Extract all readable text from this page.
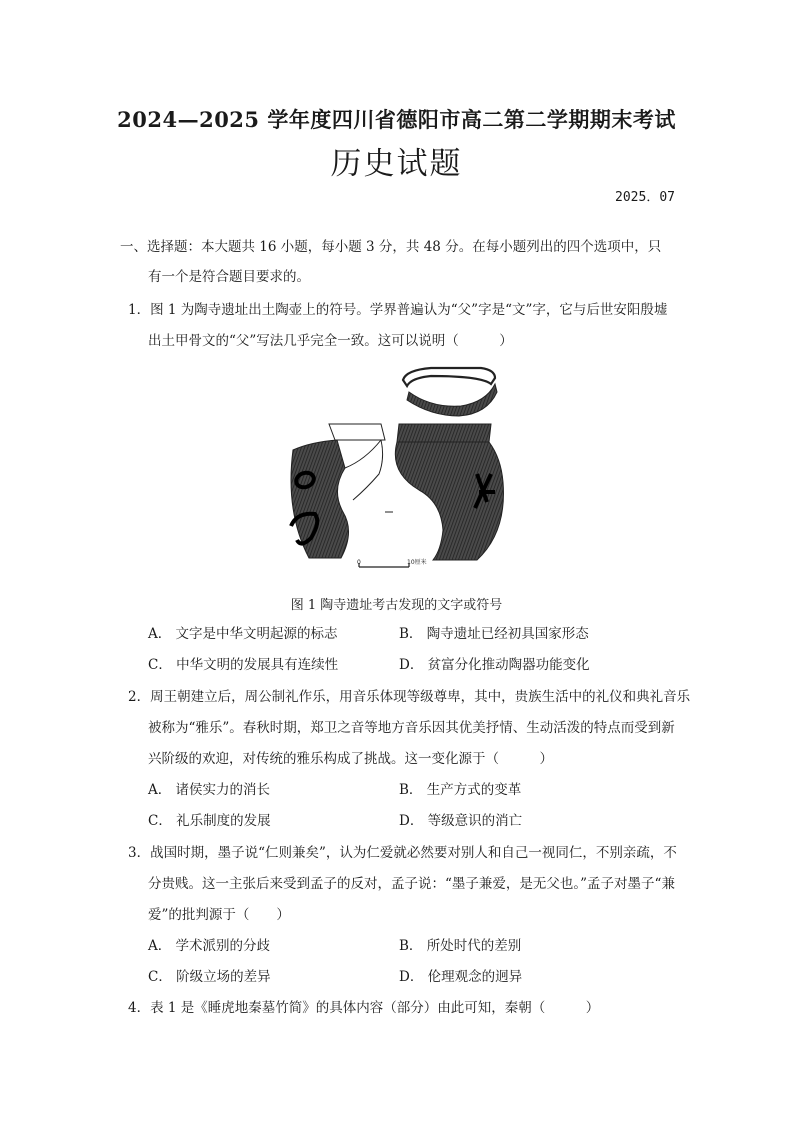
2024—2025 学年度四川省德阳市高二第二学期期末考试
历史试题
2025．07
一、选择题：本大题共 16 小题，每小题 3 分，共 48 分。在每小题列出的四个选项中，只
有一个是符合题目要求的。
1．图 1 为陶寺遗址出土陶壶上的符号。学界普遍认为“父”字是“文”字，它与后世安阳殷墟
出土甲骨文的“父”写法几乎完全一致。这可以说明（　　　）
0	10厘米
图 1 陶寺遗址考古发现的文字或符号
A． 文字是中华文明起源的标志	B． 陶寺遗址已经初具国家形态
C． 中华文明的发展具有连续性	D． 贫富分化推动陶器功能变化
2．周王朝建立后，周公制礼作乐，用音乐体现等级尊卑，其中，贵族生活中的礼仪和典礼音乐
被称为“雅乐”。春秋时期，郑卫之音等地方音乐因其优美抒情、生动活泼的特点而受到新
兴阶级的欢迎，对传统的雅乐构成了挑战。这一变化源于（　　　）
A． 诸侯实力的消长	B． 生产方式的变革
C． 礼乐制度的发展	D． 等级意识的消亡
3．战国时期，墨子说“仁则兼矣”，认为仁爱就必然要对别人和自己一视同仁，不别亲疏，不
分贵贱。这一主张后来受到孟子的反对，孟子说：“墨子兼爱，是无父也。”孟子对墨子“兼
爱”的批判源于（　　）
A． 学术派别的分歧	B． 所处时代的差别
C． 阶级立场的差异	D． 伦理观念的迥异
4．表 1 是《睡虎地秦墓竹简》的具体内容（部分）由此可知，秦朝（　　　）
